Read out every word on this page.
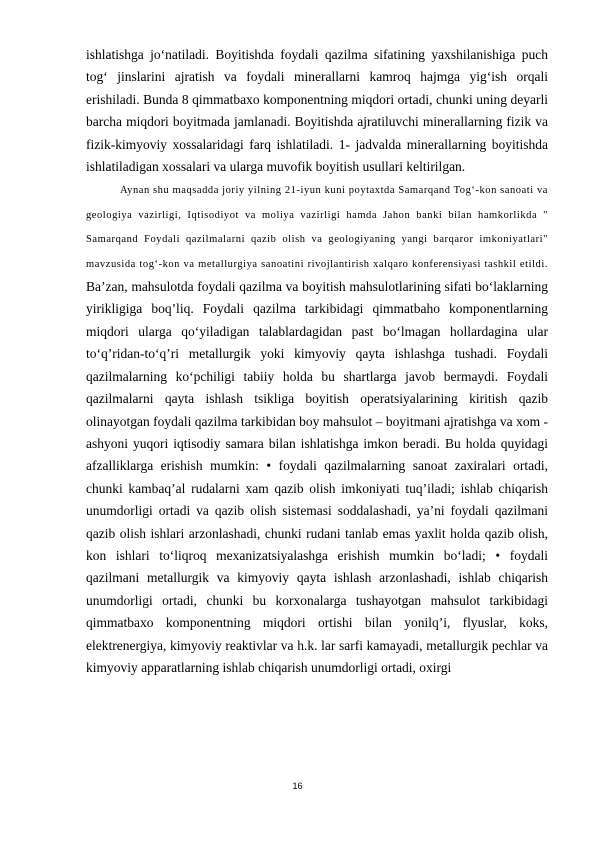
ishlatishga jo‘natiladi. Boyitishda foydali qazilma sifatining yaxshilanishiga puch tog‘ jinslarini ajratish va foydali minerallarni kamroq hajmga yig‘ish orqali erishiladi. Bunda 8 qimmatbaxo komponentning miqdori ortadi, chunki uning deyarli barcha miqdori boyitmada jamlanadi. Boyitishda ajratiluvchi minerallarning fizik va fizik-kimyoviy xossalaridagi farq ishlatiladi. 1- jadvalda minerallarning boyitishda ishlatiladigan xossalari va ularga muvofik boyitish usullari keltirilgan.

Aynan shu maqsadda joriy yilning 21-iyun kuni poytaxtda Samarqand Tog‘-kon sanoati va geologiya vazirligi, Iqtisodiyot va moliya vazirligi hamda Jahon banki bilan hamkorlikda " Samarqand Foydali qazilmalarni qazib olish va geologiyaning yangi barqaror imkoniyatlari" mavzusida tog‘-kon va metallurgiya sanoatini rivojlantirish xalqaro konferensiyasi tashkil etildi. Ba’zan, mahsulotda foydali qazilma va boyitish mahsulotlarining sifati bo‘laklarning yirikligiga boq’liq. Foydali qazilma tarkibidagi qimmatbaho komponentlarning miqdori ularga qo‘yiladigan talablardagidan past bo‘lmagan hollardagina ular to‘q’ridan-to‘q’ri metallurgik yoki kimyoviy qayta ishlashga tushadi. Foydali qazilmalarning ko‘pchiligi tabiiy holda bu shartlarga javob bermaydi. Foydali qazilmalarni qayta ishlash tsikliga boyitish operatsiyalarining kiritish qazib olinayotgan foydali qazilma tarkibidan boy mahsulot – boyitmani ajratishga va xom - ashyoni yuqori iqtisodiy samara bilan ishlatishga imkon beradi. Bu holda quyidagi afzalliklarga erishish mumkin: • foydali qazilmalarning sanoat zaxiralari ortadi, chunki kambaq’al rudalarni xam qazib olish imkoniyati tuq’iladi; ishlab chiqarish unumdorligi ortadi va qazib olish sistemasi soddalashadi, ya’ni foydali qazilmani qazib olish ishlari arzonlashadi, chunki rudani tanlab emas yaxlit holda qazib olish, kon ishlari to‘liqroq mexanizatsiyalashga erishish mumkin bo‘ladi; • foydali qazilmani metallurgik va kimyoviy qayta ishlash arzonlashadi, ishlab chiqarish unumdorligi ortadi, chunki bu korxonalarga tushayotgan mahsulot tarkibidagi qimmatbaxo komponentning miqdori ortishi bilan yonilq’i, flyuslar, koks, elektrenergiya, kimyoviy reaktivlar va h.k. lar sarfi kamayadi, metallurgik pechlar va kimyoviy apparatlarning ishlab chiqarish unumdorligi ortadi, oxirgi

16
